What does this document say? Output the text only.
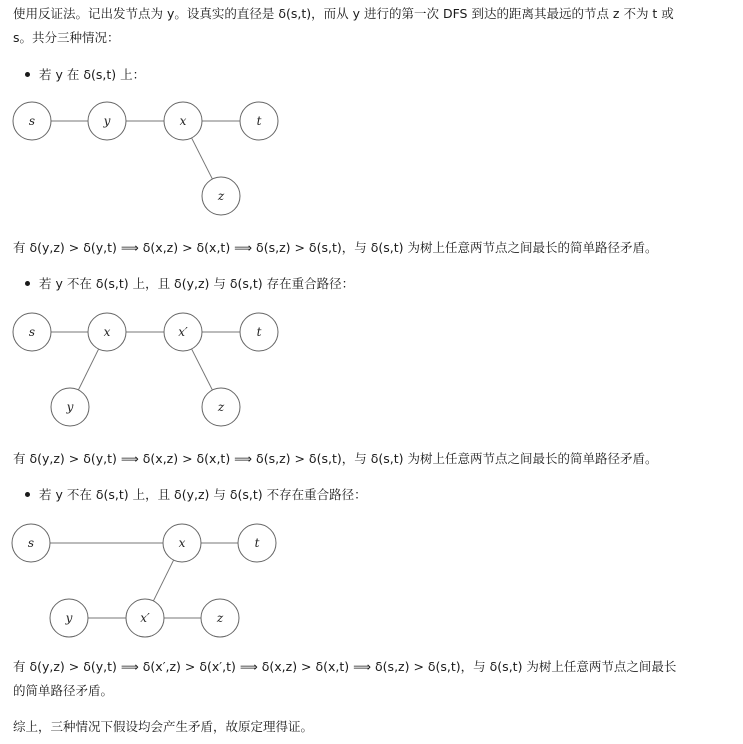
使用反证法。记出发节点为 y。设真实的直径是 δ(s,t)，而从 y 进行的第一次 DFS 到达的距离其最远的节点 z 不为 t 或
s。共分三种情况：
若 y 在 δ(s,t) 上：
s	y	x	t
z
有 δ(y,z) > δ(y,t) ⟹ δ(x,z) > δ(x,t) ⟹ δ(s,z) > δ(s,t)，与 δ(s,t) 为树上任意两节点之间最长的简单路径矛盾。
若 y 不在 δ(s,t) 上，且 δ(y,z) 与 δ(s,t) 存在重合路径：
s	x	x′	t
y	z
有 δ(y,z) > δ(y,t) ⟹ δ(x,z) > δ(x,t) ⟹ δ(s,z) > δ(s,t)，与 δ(s,t) 为树上任意两节点之间最长的简单路径矛盾。
若 y 不在 δ(s,t) 上，且 δ(y,z) 与 δ(s,t) 不存在重合路径：
s	x	t
y	x′	z
有 δ(y,z) > δ(y,t) ⟹ δ(x′,z) > δ(x′,t) ⟹ δ(x,z) > δ(x,t) ⟹ δ(s,z) > δ(s,t)，与 δ(s,t) 为树上任意两节点之间最长
的简单路径矛盾。
综上，三种情况下假设均会产生矛盾，故原定理得证。
